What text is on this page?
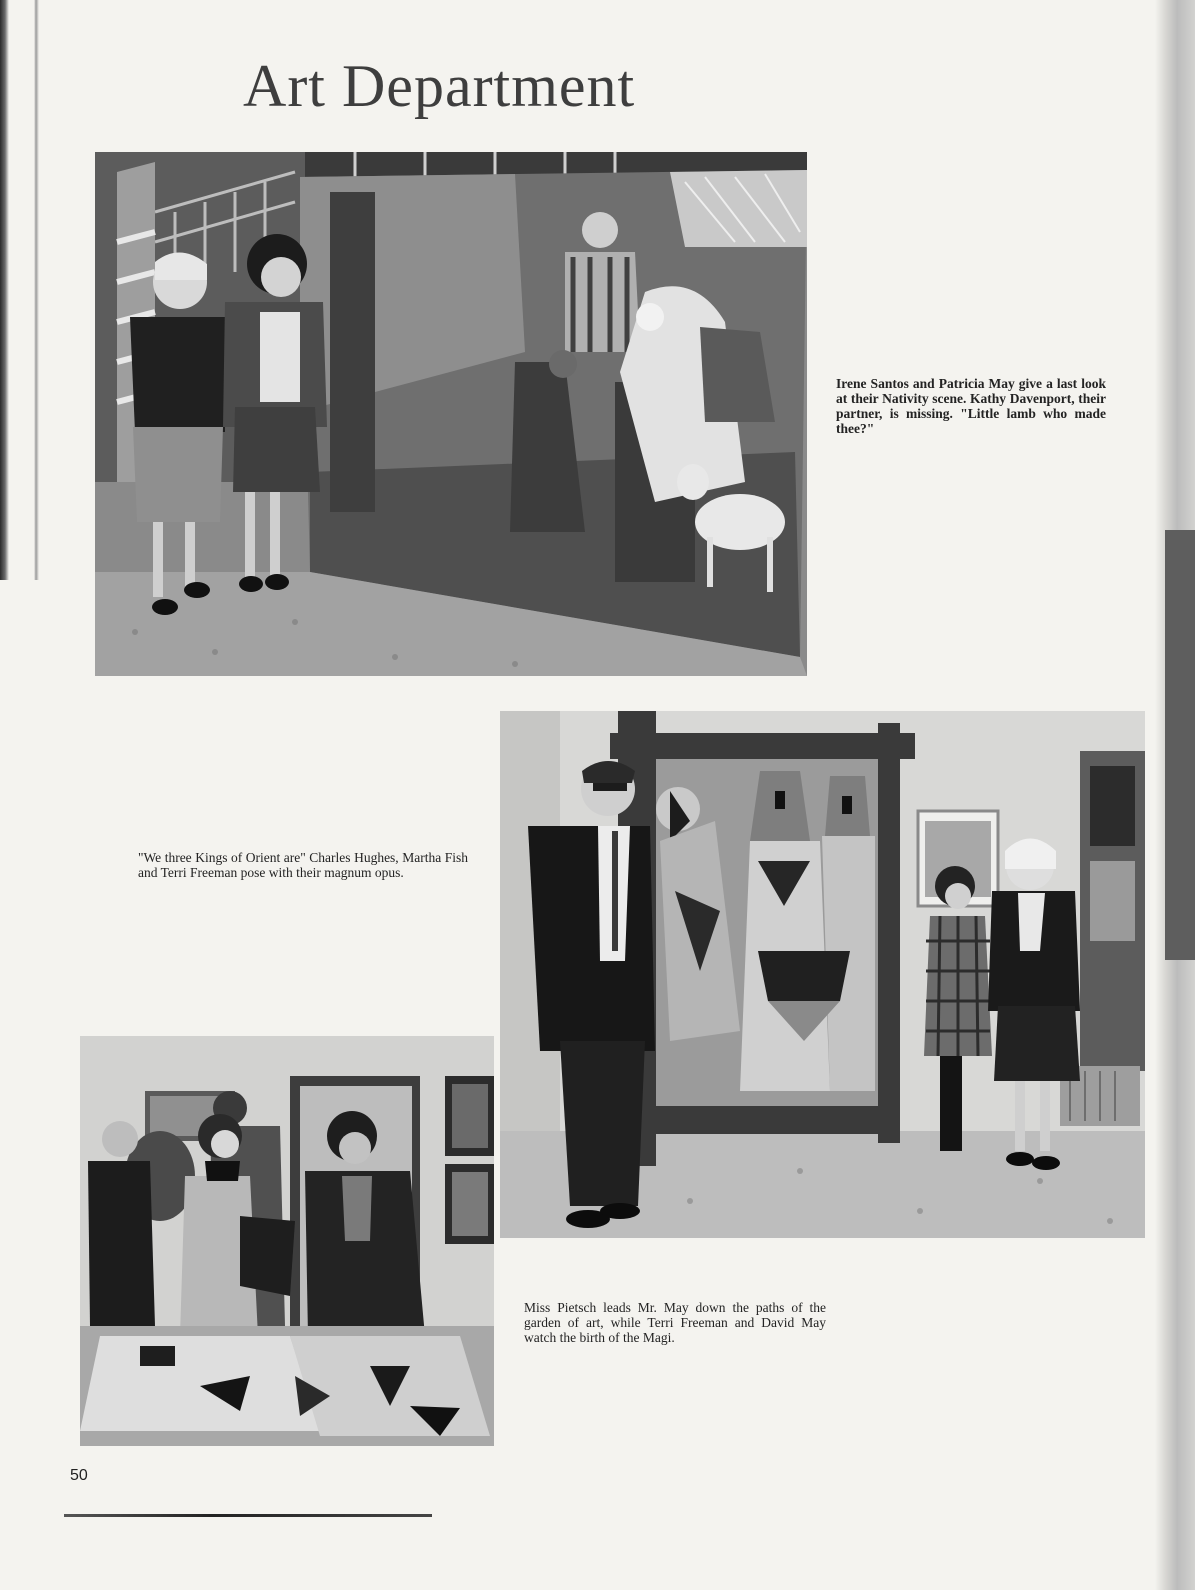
Art Department

Irene Santos and Patricia May give a last look at their Nativity scene. Kathy Davenport, their partner, is missing. "Little lamb who made thee?"

"We three Kings of Orient are" Charles Hughes, Martha Fish and Terri Freeman pose with their magnum opus.

Miss Pietsch leads Mr. May down the paths of the garden of art, while Terri Freeman and David May watch the birth of the Magi.

50
